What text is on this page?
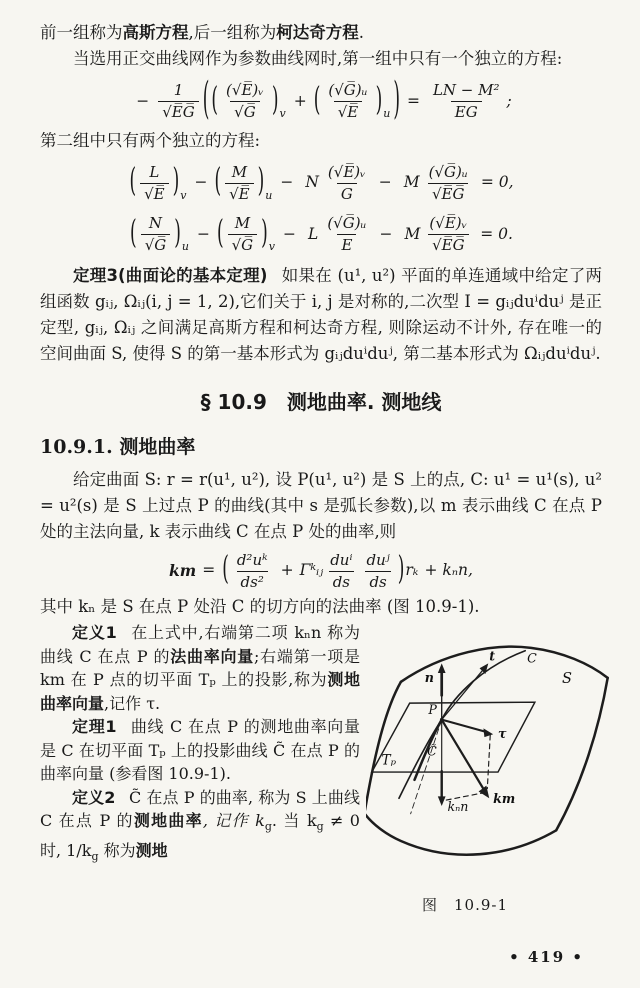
前一组称为高斯方程,后一组称为柯达奇方程.

当选用正交曲线网作为参数曲线网时,第一组中只有一个独立的方程:

− $\frac{1}{√E̅G̅}$ ( ( $\frac{\text{(√E̅)ᵥ}}{√G̅}$ ) v
+ ( $\frac{\text{(√G̅)ᵤ}}{√E̅}$ ) u ) = $\frac{\text{LN − M²}}{EG}$ ;

第二组中只有两个独立的方程:

( $\frac{L}{√E̅}$ ) v
− ( $\frac{M}{√E̅}$ ) u
− N $\frac{\text{(√E̅)ᵥ}}{G} - M \frac{\text{(√G̅)ᵤ}}{√E̅G̅} = 0$,
( $\frac{N}{√G̅}$ ) u
− ( $\frac{M}{√G̅}$ ) v
− L $\frac{\text{(√G̅)ᵤ}}{E} - M \frac{\text{(√E̅)ᵥ}}{√E̅G̅} = 0$.

定理3(曲面论的基本定理) 如果在 (u¹, u²) 平面的单连通域中给定了两组函数 gᵢⱼ, Ωᵢⱼ(i, j = 1, 2),它们关于 i, j 是对称的,二次型 I = gᵢⱼduⁱduʲ 是正定型, gᵢⱼ, Ωᵢⱼ 之间满足高斯方程和柯达奇方程, 则除运动不计外, 存在唯一的空间曲面 S, 使得 S 的第一基本形式为 gᵢⱼduⁱduʲ, 第二基本形式为 Ωᵢⱼduⁱduʲ.

§ 10.9　测地曲率. 测地线

10.9.1. 测地曲率

给定曲面 S: r = r(u¹, u²), 设 P(u¹, u²) 是 S 上的点, C: u¹ = u¹(s), u² = u²(s) 是 S 上过点 P 的曲线(其中 s 是弧长参数),以 m 表示曲线 C 在点 P 处的主法向量, k 表示曲线 C 在点 P 处的曲率,则

km = ( $\frac{\text{d²uᵏ}}{\text{ds²}}$ + Γᵏᵢⱼ $\frac{\text{duⁱ}}{ds} \frac{\text{duʲ}}{ds}$ ) rₖ + kₙn,

其中 kₙ 是 S 在点 P 处沿 C 的切方向的法曲率 (图 10.9-1).

定义1 在上式中,右端第二项 kₙn 称为曲线 C 在点 P 的法曲率向量;右端第一项是 km 在 P 点的切平面 Tₚ 上的投影,称为测地曲率向量,记作 τ.

定理1 曲线 C 在点 P 的测地曲率向量是 C 在切平面 Tₚ 上的投影曲线 C̃ 在点 P 的曲率向量 (参看图 10.9-1).

定义2 C̃ 在点 P 的曲率, 称为 S 上曲线 C 在点 P 的测地曲率, 记作 $k_g$. 当 $k_g \ne 0$ 时, $1/k_g$ 称为测地

n
t C
S
P
τ
km
kₙn
C̃
Tₚ
图　10.9-1
• 419 •
